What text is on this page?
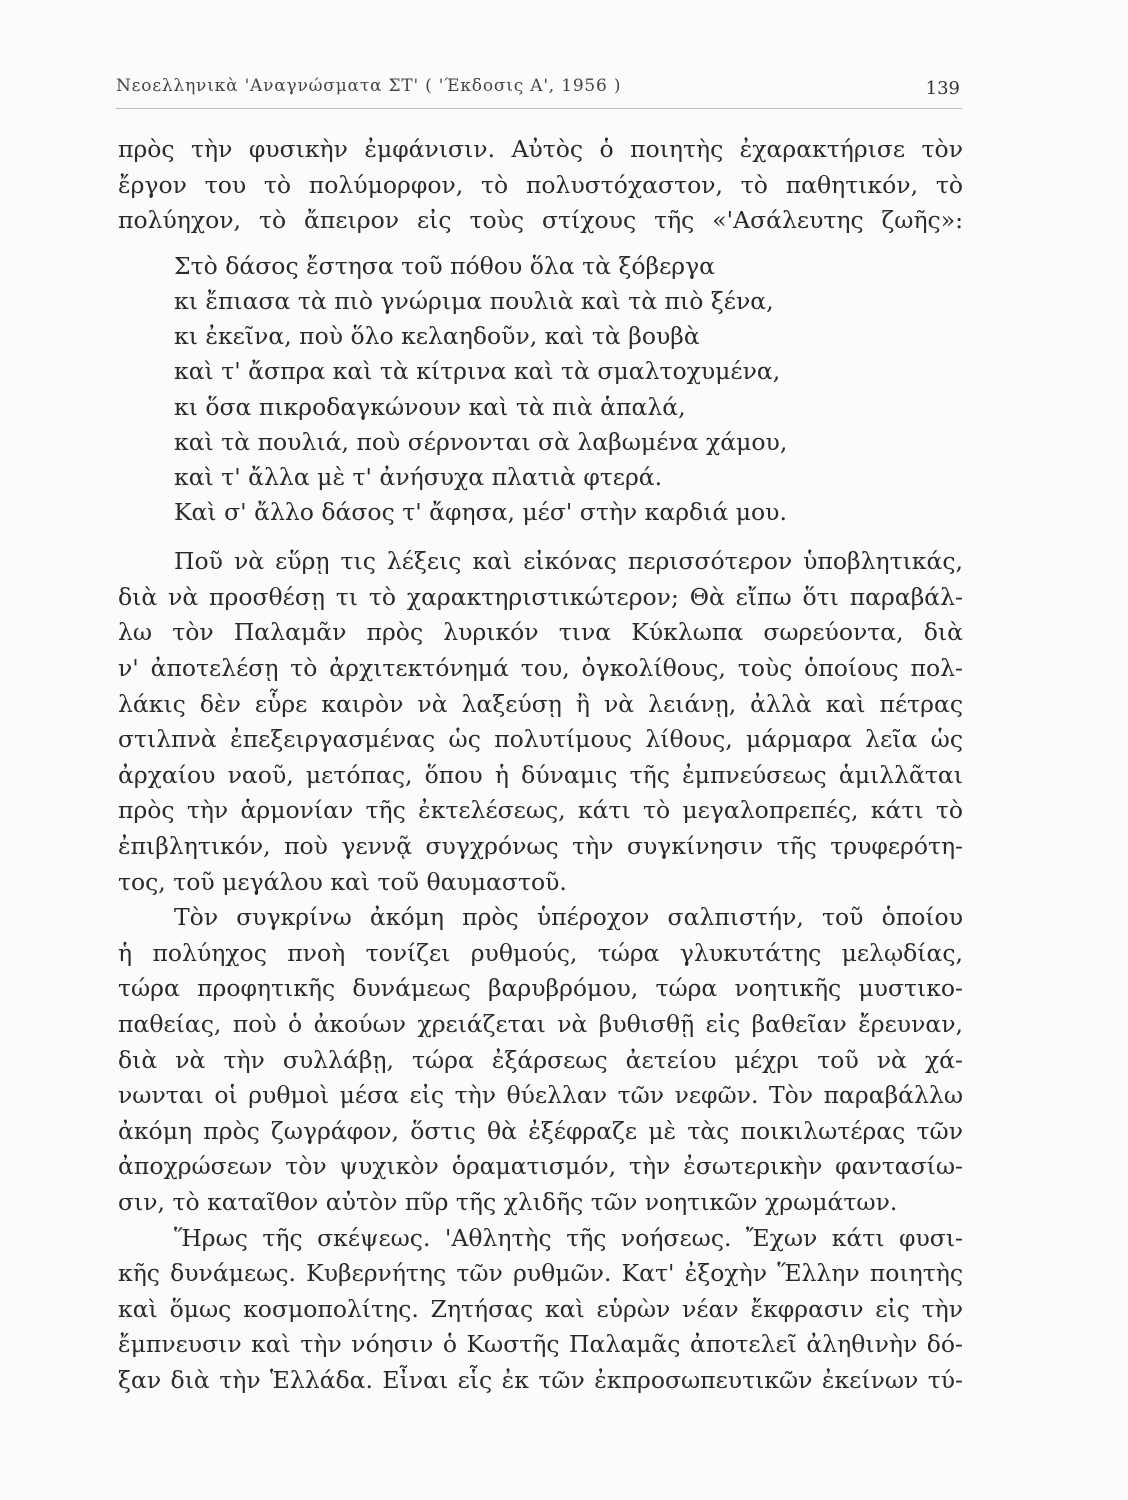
Νεοελληνικὰ 'Αναγνώσματα ΣΤ' ( 'Έκδοσις Α', 1956 )	139
πρὸς τὴν φυσικὴν ἐμφάνισιν. Αὐτὸς ὁ ποιητὴς ἐχαρακτήρισε τὸν
ἔργον του τὸ πολύμορφον, τὸ πολυστόχαστον, τὸ παθητικόν, τὸ
πολύηχον, τὸ ἄπειρον εἰς τοὺς στίχους τῆς «'Ασάλευτης ζωῆς»:
Στὸ δάσος ἔστησα τοῦ πόθου ὅλα τὰ ξόβεργα
κι ἔπιασα τὰ πιὸ γνώριμα πουλιὰ καὶ τὰ πιὸ ξένα,
κι ἐκεῖνα, ποὺ ὅλο κελαηδοῦν, καὶ τὰ βουβὰ
καὶ τ' ἄσπρα καὶ τὰ κίτρινα καὶ τὰ σμαλτοχυμένα,
κι ὅσα πικροδαγκώνουν καὶ τὰ πιὰ ἁπαλά,
καὶ τὰ πουλιά, ποὺ σέρνονται σὰ λαβωμένα χάμου,
καὶ τ' ἄλλα μὲ τ' ἀνήσυχα πλατιὰ φτερά.
Καὶ σ' ἄλλο δάσος τ' ἄφησα, μέσ' στὴν καρδιά μου.
Ποῦ νὰ εὕρῃ τις λέξεις καὶ εἰκόνας περισσότερον ὑποβλητικάς,
διὰ νὰ προσθέσῃ τι τὸ χαρακτηριστικώτερον; Θὰ εἴπω ὅτι παραβάλ-
λω τὸν Παλαμᾶν πρὸς λυρικόν τινα Κύκλωπα σωρεύοντα, διὰ
ν' ἀποτελέσῃ τὸ ἀρχιτεκτόνημά του, ὀγκολίθους, τοὺς ὁποίους πολ-
λάκις δὲν εὗρε καιρὸν νὰ λαξεύσῃ ἢ νὰ λειάνῃ, ἀλλὰ καὶ πέτρας
στιλπνὰ ἐπεξειργασμένας ὡς πολυτίμους λίθους, μάρμαρα λεῖα ὡς
ἀρχαίου ναοῦ, μετόπας, ὅπου ἡ δύναμις τῆς ἐμπνεύσεως ἁμιλλᾶται
πρὸς τὴν ἁρμονίαν τῆς ἐκτελέσεως, κάτι τὸ μεγαλοπρεπές, κάτι τὸ
ἐπιβλητικόν, ποὺ γεννᾷ συγχρόνως τὴν συγκίνησιν τῆς τρυφερότη-
τος, τοῦ μεγάλου καὶ τοῦ θαυμαστοῦ.
Τὸν συγκρίνω ἀκόμη πρὸς ὑπέροχον σαλπιστήν, τοῦ ὁποίου
ἡ πολύηχος πνοὴ τονίζει ρυθμούς, τώρα γλυκυτάτης μελῳδίας,
τώρα προφητικῆς δυνάμεως βαρυβρόμου, τώρα νοητικῆς μυστικο-
παθείας, ποὺ ὁ ἀκούων χρειάζεται νὰ βυθισθῇ εἰς βαθεῖαν ἔρευναν,
διὰ νὰ τὴν συλλάβῃ, τώρα ἐξάρσεως ἀετείου μέχρι τοῦ νὰ χά-
νωνται οἱ ρυθμοὶ μέσα εἰς τὴν θύελλαν τῶν νεφῶν. Τὸν παραβάλλω
ἀκόμη πρὸς ζωγράφον, ὅστις θὰ ἐξέφραζε μὲ τὰς ποικιλωτέρας τῶν
ἀποχρώσεων τὸν ψυχικὸν ὁραματισμόν, τὴν ἐσωτερικὴν φαντασίω-
σιν, τὸ καταῖθον αὐτὸν πῦρ τῆς χλιδῆς τῶν νοητικῶν χρωμάτων.
Ἥρως τῆς σκέψεως. 'Αθλητὴς τῆς νοήσεως. Ἔχων κάτι φυσι-
κῆς δυνάμεως. Κυβερνήτης τῶν ρυθμῶν. Κατ' ἐξοχὴν Ἕλλην ποιητὴς
καὶ ὅμως κοσμοπολίτης. Ζητήσας καὶ εὑρὼν νέαν ἔκφρασιν εἰς τὴν
ἔμπνευσιν καὶ τὴν νόησιν ὁ Κωστῆς Παλαμᾶς ἀποτελεῖ ἀληθινὴν δό-
ξαν διὰ τὴν Ἑλλάδα. Εἶναι εἷς ἐκ τῶν ἐκπροσωπευτικῶν ἐκείνων τύ-
